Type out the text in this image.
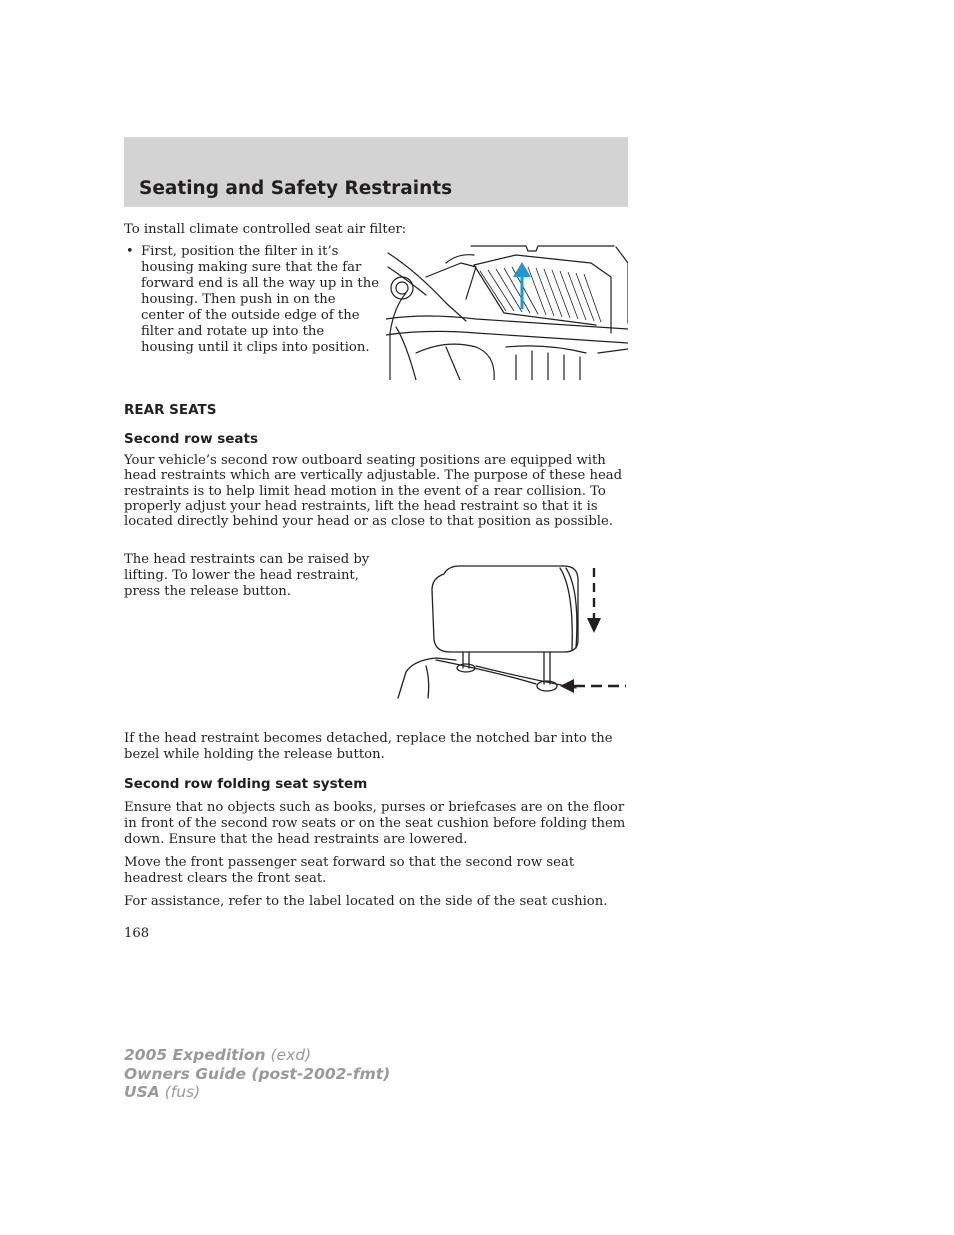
Seating and Safety Restraints

To install climate controlled seat air filter:

• First, position the filter in it’s housing making sure that the far forward end is all the way up in the housing. Then push in on the center of the outside edge of the filter and rotate up into the housing until it clips into position.

REAR SEATS
Second row seats

Your vehicle’s second row outboard seating positions are equipped with head restraints which are vertically adjustable. The purpose of these head restraints is to help limit head motion in the event of a rear collision. To properly adjust your head restraints, lift the head restraint so that it is located directly behind your head or as close to that position as possible.

The head restraints can be raised by lifting. To lower the head restraint, press the release button.

If the head restraint becomes detached, replace the notched bar into the bezel while holding the release button.

Second row folding seat system

Ensure that no objects such as books, purses or briefcases are on the floor in front of the second row seats or on the seat cushion before folding them down. Ensure that the head restraints are lowered.

Move the front passenger seat forward so that the second row seat headrest clears the front seat.

For assistance, refer to the label located on the side of the seat cushion.

168

2005 Expedition (exd)
Owners Guide (post-2002-fmt)
USA (fus)
